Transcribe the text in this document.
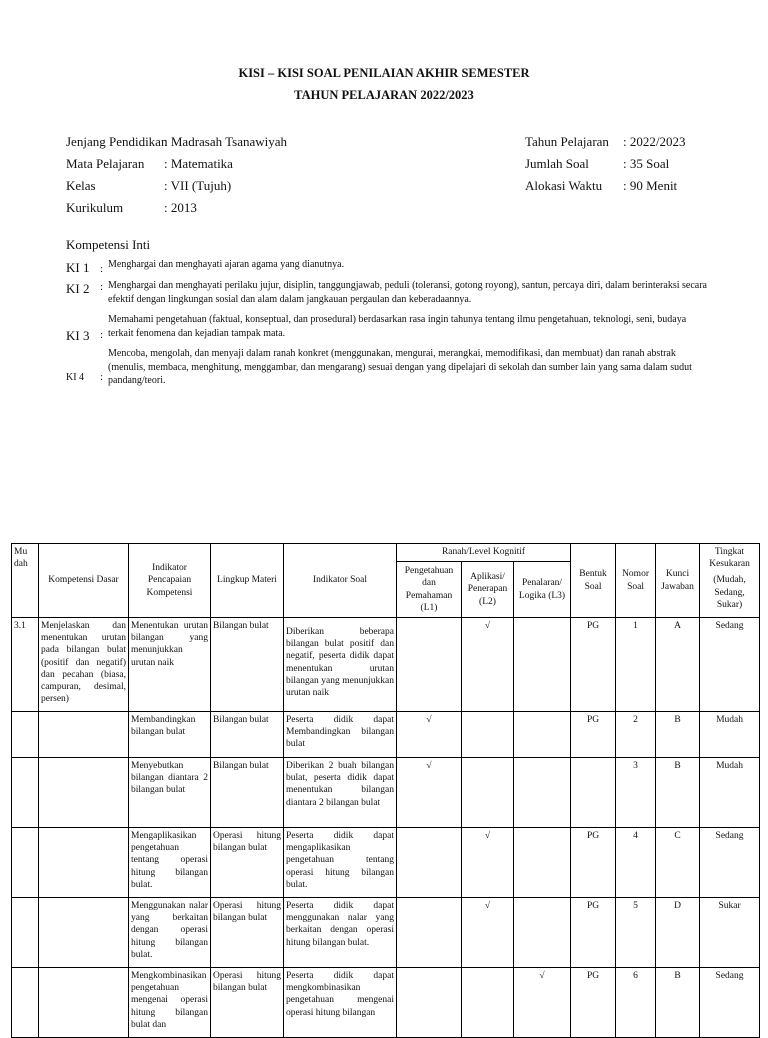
KISI – KISI SOAL PENILAIAN AKHIR SEMESTER
TAHUN PELAJARAN 2022/2023
Jenjang Pendidikan
: Madrasah Tsanawiyah
Mata Pelajaran	: Matematika
Kelas	: VII (Tujuh)
Kurikulum	: 2013
Tahun Pelajaran	: 2022/2023
Jumlah Soal	: 35 Soal
Alokasi Waktu	: 90 Menit
Kompetensi Inti
KI 1 : Menghargai dan menghayati ajaran agama yang dianutnya.
KI 2 : Menghargai dan menghayati perilaku jujur, disiplin, tanggungjawab, peduli (toleransi, gotong royong), santun, percaya diri, dalam berinteraksi secara efektif dengan lingkungan sosial dan alam dalam jangkauan pergaulan dan keberadaannya.
KI 3 :
Memahami pengetahuan (faktual, konseptual, dan prosedural) berdasarkan rasa ingin tahunya tentang ilmu pengetahuan, teknologi, seni, budaya terkait fenomena dan kejadian tampak mata.
KI 4 :
Mencoba, mengolah, dan menyaji dalam ranah konkret (menggunakan, mengurai, merangkai, memodifikasi, dan membuat) dan ranah abstrak (menulis, membaca, menghitung, menggambar, dan mengarang) sesuai dengan yang dipelajari di sekolah dan sumber lain yang sama dalam sudut pandang/teori.
Mu dah	Kompetensi Dasar	Indikator Pencapaian Kompetensi	Lingkup Materi	Indikator Soal	Ranah/Level Kognitif			Bentuk Soal	Nomor Soal	Kunci Jawaban	Tingkat Kesukaran
(Mudah, Sedang, Sukar)

					Pengetahuan dan Pemahaman (L1)	Aplikasi/ Penerapan (L2)	Penalaran/ Logika (L3)				
3.1	Menjelaskan dan menentukan urutan pada bilangan bulat (positif dan negatif) dan pecahan (biasa, campuran, desimal, persen)	Menentukan urutan bilangan yang menunjukkan urutan naik	Bilangan bulat	Diberikan beberapa bilangan bulat positif dan negatif, peserta didik dapat menentukan urutan bilangan yang menunjukkan urutan naik		√		PG	1	A	Sedang
		Membandingkan bilangan bulat	Bilangan bulat	Peserta didik dapat Membandingkan bilangan bulat	√			PG	2	B	Mudah
		Menyebutkan bilangan diantara 2 bilangan bulat	Bilangan bulat	Diberikan 2 buah bilangan bulat, peserta didik dapat menentukan bilangan diantara 2 bilangan bulat	√				3	B	Mudah
		Mengaplikasikan pengetahuan tentang operasi hitung bilangan bulat.	Operasi hitung bilangan bulat	Peserta didik dapat mengaplikasikan pengetahuan tentang operasi hitung bilangan bulat.		√		PG	4	C	Sedang
		Menggunakan nalar yang berkaitan dengan operasi hitung bilangan bulat.	Operasi hitung bilangan bulat	Peserta didik dapat menggunakan nalar yang berkaitan dengan operasi hitung bilangan bulat.		√		PG	5	D	Sukar
		Mengkombinasikan pengetahuan mengenai operasi hitung bilangan bulat dan	Operasi hitung bilangan bulat	Peserta didik dapat mengkombinasikan pengetahuan mengenai operasi hitung bilangan			√	PG	6	B	Sedang
